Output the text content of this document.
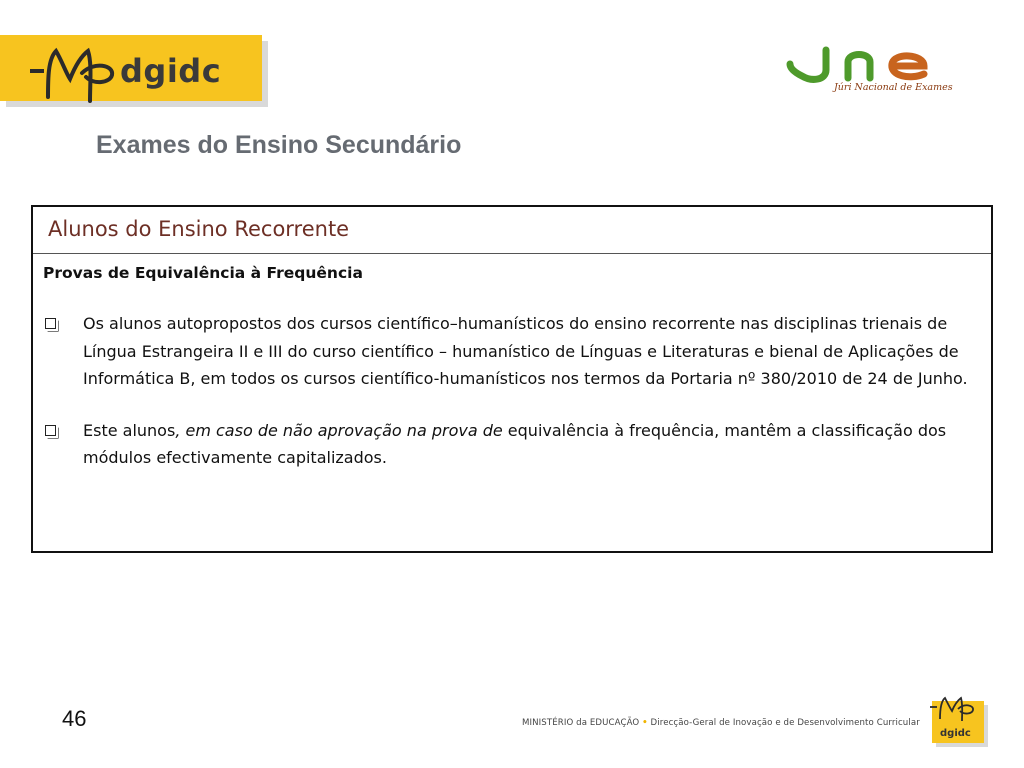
dgidc	Júri Nacional de Exames
Exames do Ensino Secundário
Alunos do Ensino Recorrente
Provas de Equivalência à Frequência
Os alunos autopropostos dos cursos científico–humanísticos do ensino recorrente nas disciplinas trienais de Língua Estrangeira II e III do curso científico – humanístico de Línguas e Literaturas e bienal de Aplicações de Informática B, em todos os cursos científico-humanísticos nos termos da Portaria nº 380/2010 de 24 de Junho.
Este alunos, em caso de não aprovação na prova de equivalência à frequência, mantêm a classificação dos módulos efectivamente capitalizados.
46	MINISTÉRIO da EDUCAÇÃO • Direcção-Geral de Inovação e de Desenvolvimento Curricular
dgidc
